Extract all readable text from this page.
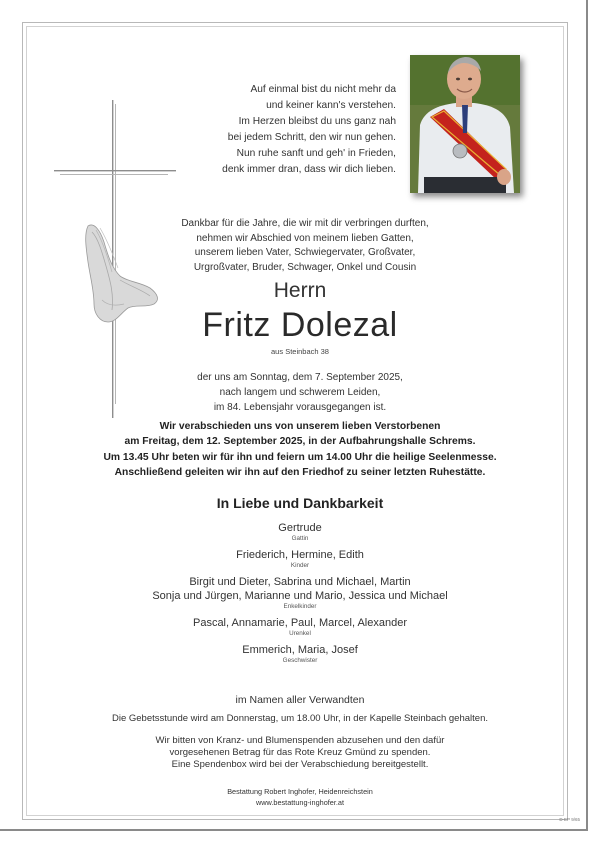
D-EP 9/65
Auf einmal bist du nicht mehr da
und keiner kann's verstehen.
Im Herzen bleibst du uns ganz nah
bei jedem Schritt, den wir nun gehen.
Nun ruhe sanft und geh' in Frieden,
denk immer dran, dass wir dich lieben.
Dankbar für die Jahre, die wir mit dir verbringen durften,
nehmen wir Abschied von meinem lieben Gatten,
unserem lieben Vater, Schwiegervater, Großvater,
Urgroßvater, Bruder, Schwager, Onkel und Cousin
Herrn
Fritz Dolezal
aus Steinbach 38
der uns am Sonntag, dem 7. September 2025,
nach langem und schwerem Leiden,
im 84. Lebensjahr vorausgegangen ist.
Wir verabschieden uns von unserem lieben Verstorbenen
am Freitag, dem 12. September 2025, in der Aufbahrungshalle Schrems.
Um 13.45 Uhr beten wir für ihn und feiern um 14.00 Uhr die heilige Seelenmesse.
Anschließend geleiten wir ihn auf den Friedhof zu seiner letzten Ruhestätte.
In Liebe und Dankbarkeit
Gertrude
Gattin
Friederich, Hermine, Edith
Kinder
Birgit und Dieter, Sabrina und Michael, Martin
Sonja und Jürgen, Marianne und Mario, Jessica und Michael
Enkelkinder
Pascal, Annamarie, Paul, Marcel, Alexander
Urenkel
Emmerich, Maria, Josef
Geschwister
im Namen aller Verwandten
Die Gebetsstunde wird am Donnerstag, um 18.00 Uhr, in der Kapelle Steinbach gehalten.
Wir bitten von Kranz- und Blumenspenden abzusehen und den dafür
vorgesehenen Betrag für das Rote Kreuz Gmünd zu spenden.
Eine Spendenbox wird bei der Verabschiedung bereitgestellt.
Bestattung Robert Inghofer, Heidenreichstein
www.bestattung-inghofer.at
